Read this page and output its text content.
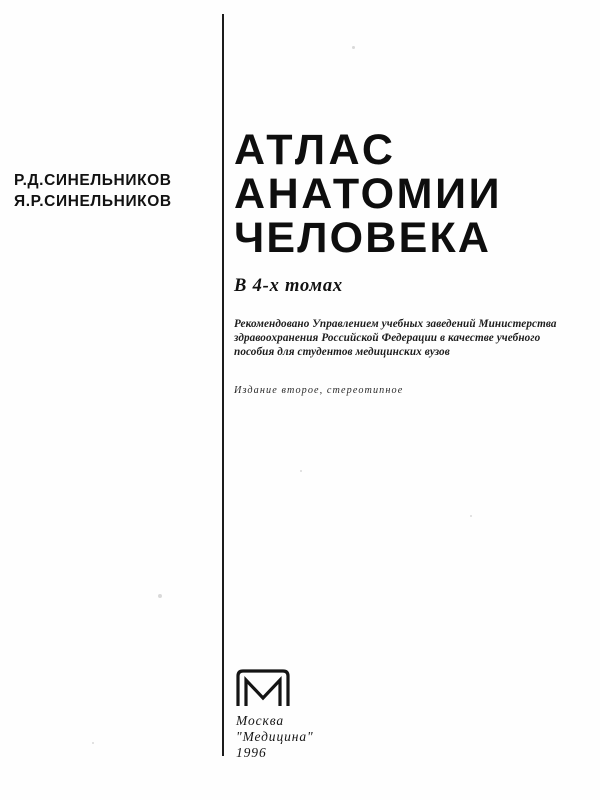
Р.Д.СИНЕЛЬНИКОВ
Я.Р.СИНЕЛЬНИКОВ
АТЛАС
АНАТОМИИ
ЧЕЛОВЕКА
В 4-х томах
Рекомендовано Управлением учебных заведений Министерства здравоохранения Российской Федерации в качестве учебного пособия для студентов медицинских вузов
Издание второе, стереотипное
Москва
"Медицина"
1996
